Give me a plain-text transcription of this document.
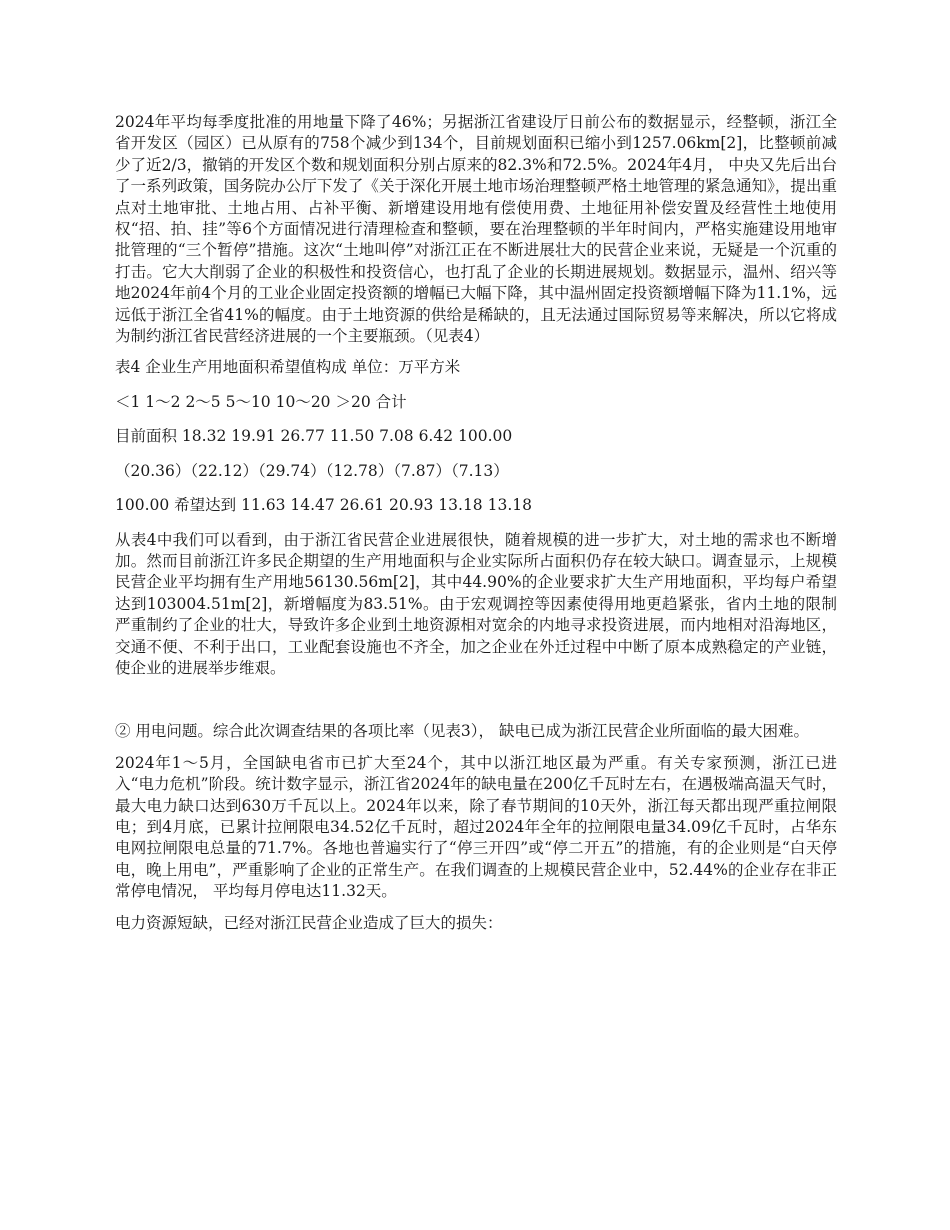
2024年平均每季度批准的用地量下降了46%；另据浙江省建设厅日前公布的数据显示，经整顿，浙江全省开发区（园区）已从原有的758个减少到134个，目前规划面积已缩小到1257.06km[2]，比整顿前减少了近2/3，撤销的开发区个数和规划面积分别占原来的82.3%和72.5%。2024年4月， 中央又先后出台了一系列政策，国务院办公厅下发了《关于深化开展土地市场治理整顿严格土地管理的紧急通知》，提出重点对土地审批、土地占用、占补平衡、新增建设用地有偿使用费、土地征用补偿安置及经营性土地使用权“招、拍、挂”等6个方面情况进行清理检查和整顿，要在治理整顿的半年时间内，严格实施建设用地审批管理的“三个暂停”措施。这次“土地叫停”对浙江正在不断进展壮大的民营企业来说，无疑是一个沉重的打击。它大大削弱了企业的积极性和投资信心，也打乱了企业的长期进展规划。数据显示，温州、绍兴等地2024年前4个月的工业企业固定投资额的增幅已大幅下降，其中温州固定投资额增幅下降为11.1%，远远低于浙江全省41%的幅度。由于土地资源的供给是稀缺的，且无法通过国际贸易等来解决，所以它将成为制约浙江省民营经济进展的一个主要瓶颈。（见表4）

表4 企业生产用地面积希望值构成 单位：万平方米

＜1 1～2 2～5 5～10 10～20 ＞20 合计

目前面积 18.32 19.91 26.77 11.50 7.08 6.42 100.00

（20.36）（22.12）（29.74）（12.78）（7.87）（7.13）

100.00 希望达到 11.63 14.47 26.61 20.93 13.18 13.18

从表4中我们可以看到，由于浙江省民营企业进展很快，随着规模的进一步扩大，对土地的需求也不断增加。然而目前浙江许多民企期望的生产用地面积与企业实际所占面积仍存在较大缺口。调查显示，上规模民营企业平均拥有生产用地56130.56m[2]，其中44.90%的企业要求扩大生产用地面积，平均每户希望达到103004.51m[2]，新增幅度为83.51%。由于宏观调控等因素使得用地更趋紧张，省内土地的限制严重制约了企业的壮大，导致许多企业到土地资源相对宽余的内地寻求投资进展，而内地相对沿海地区，交通不便、不利于出口，工业配套设施也不齐全，加之企业在外迁过程中中断了原本成熟稳定的产业链，使企业的进展举步维艰。

② 用电问题。综合此次调查结果的各项比率（见表3）， 缺电已成为浙江民营企业所面临的最大困难。

2024年1～5月，全国缺电省市已扩大至24个，其中以浙江地区最为严重。有关专家预测，浙江已进入“电力危机”阶段。统计数字显示，浙江省2024年的缺电量在200亿千瓦时左右，在遇极端高温天气时，最大电力缺口达到630万千瓦以上。2024年以来，除了春节期间的10天外，浙江每天都出现严重拉闸限电；到4月底，已累计拉闸限电34.52亿千瓦时，超过2024年全年的拉闸限电量34.09亿千瓦时，占华东电网拉闸限电总量的71.7%。各地也普遍实行了“停三开四”或“停二开五”的措施，有的企业则是“白天停电，晚上用电”，严重影响了企业的正常生产。在我们调查的上规模民营企业中，52.44%的企业存在非正常停电情况， 平均每月停电达11.32天。

电力资源短缺，已经对浙江民营企业造成了巨大的损失：
